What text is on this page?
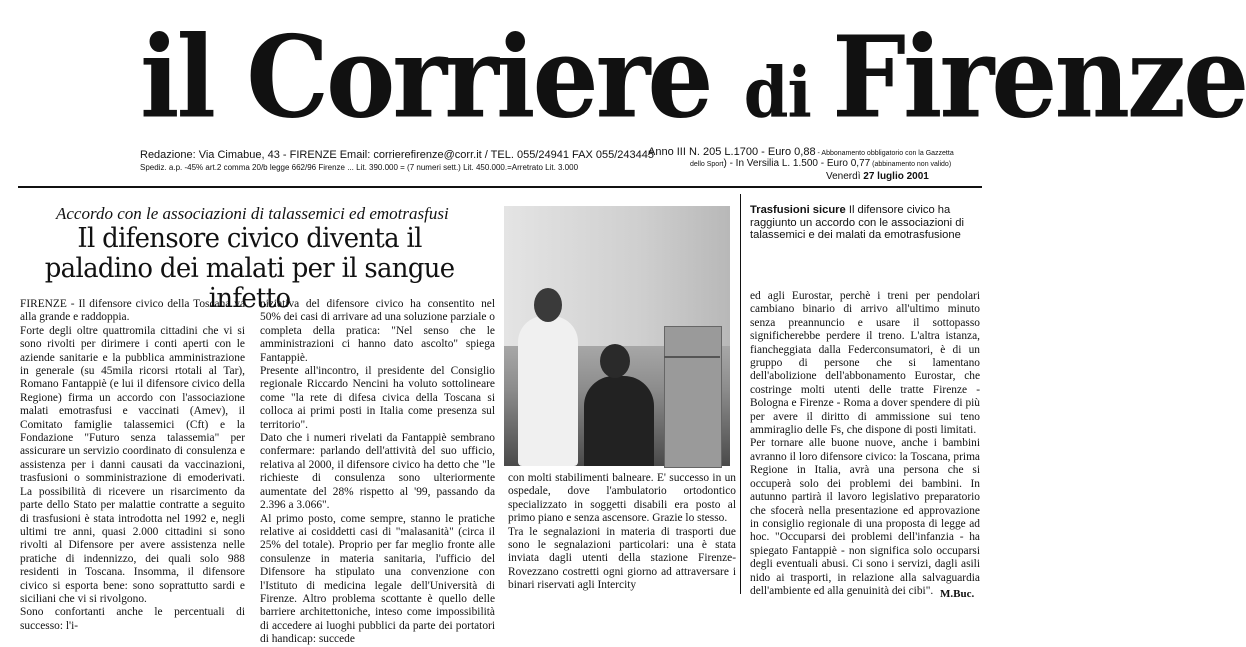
il Corriere di Firenze
Redazione: Via Cimabue, 43 - FIRENZE Email: corrierefirenze@corr.it / TEL. 055/24941 FAX 055/243445
Spediz. a.p. -45% art.2 comma 20/b legge 662/96 Firenze ... Lit. 390.000 = (7 numeri sett.) Lit. 450.000.=Arretrato Lit. 3.000
Anno III N. 205 L.1700 - Euro 0,88 - Abbonamento obbligatorio con la Gazzetta
dello Sport) - In Versilia L. 1.500 - Euro 0,77 (abbinamento non valido)
Venerdì 27 luglio 2001
Accordo con le associazioni di talassemici ed emotrasfusi
Il difensore civico diventa il paladino dei malati per il sangue infetto

FIRENZE - Il difensore civico della Toscana va alla grande e raddoppia.

Forte degli oltre quattromila cittadini che vi si sono rivolti per dirimere i conti aperti con le aziende sanitarie e la pubblica amministrazione in generale (su 45mila ricorsi rtotali al Tar), Romano Fantappiè (e lui il difensore civico della Regione) firma un accordo con l'associazione malati emotrasfusi e vaccinati (Amev), il Comitato famiglie talassemici (Cft) e la Fondazione "Futuro senza talassemia" per assicurare un servizio coordinato di consulenza e assistenza per i danni causati da vaccinazioni, trasfusioni o somministrazione di emoderivati. La possibilità di ricevere un risarcimento da parte dello Stato per malattie contratte a seguito di trasfusioni è stata introdotta nel 1992 e, negli ultimi tre anni, quasi 2.000 cittadini si sono rivolti al Difensore per avere assistenza nelle pratiche di indennizzo, dei quali solo 988 residenti in Toscana. Insomma, il difensore civico si esporta bene: sono soprattutto sardi e siciliani che vi si rivolgono.

Sono confortanti anche le percentuali di successo: l'i-

niziativa del difensore civico ha consentito nel 50% dei casi di arrivare ad una soluzione parziale o completa della pratica: "Nel senso che le amministrazioni ci hanno dato ascolto" spiega Fantappiè.

Presente all'incontro, il presidente del Consiglio regionale Riccardo Nencini ha voluto sottolineare come "la rete di difesa civica della Toscana si colloca ai primi posti in Italia come presenza sul territorio".

Dato che i numeri rivelati da Fantappiè sembrano confermare: parlando dell'attività del suo ufficio, relativa al 2000, il difensore civico ha detto che "le richieste di consulenza sono ulteriormente aumentate del 28% rispetto al '99, passando da 2.396 a 3.066".

Al primo posto, come sempre, stanno le pratiche relative ai cosiddetti casi di "malasanità" (circa il 25% del totale). Proprio per far meglio fronte alle consulenze in materia sanitaria, l'ufficio del Difensore ha stipulato una convenzione con l'Istituto di medicina legale dell'Università di Firenze. Altro problema scottante è quello delle barriere architettoniche, inteso come impossibilità di accedere ai luoghi pubblici da parte dei portatori di handicap: succede

con molti stabilimenti balneare. E' successo in un ospedale, dove l'ambulatorio ortodontico specializzato in soggetti disabili era posto al primo piano e senza ascensore. Grazie lo stesso.

Tra le segnalazioni in materia di trasporti due sono le segnalazioni particolari: una è stata inviata dagli utenti della stazione Firenze-Rovezzano costretti ogni giorno ad attraversare i binari riservati agli Intercity

Trasfusioni sicure Il difensore civico ha raggiunto un accordo con le associazioni di talassemici e dei malati da emotrasfusione

ed agli Eurostar, perchè i treni per pendolari cambiano binario di arrivo all'ultimo minuto senza preannuncio e usare il sottopasso significherebbe perdere il treno. L'altra istanza, fiancheggiata dalla Federconsumatori, è di un gruppo di persone che si lamentano dell'abolizione dell'abbonamento Eurostar, che costringe molti utenti delle tratte Firenze - Bologna e Firenze - Roma a dover spendere di più per avere il diritto di ammissione sui teno ammiraglio delle Fs, che dispone di posti limitati.

Per tornare alle buone nuove, anche i bambini avranno il loro difensore civico: la Toscana, prima Regione in Italia, avrà una persona che si occuperà solo dei problemi dei bambini. In autunno partirà il lavoro legislativo preparatorio che sfocerà nella presentazione ed approvazione in consiglio regionale di una proposta di legge ad hoc. "Occuparsi dei problemi dell'infanzia - ha spiegato Fantappiè - non significa solo occuparsi degli eventuali abusi. Ci sono i servizi, dagli asili nido ai trasporti, in relazione alla salvaguardia dell'ambiente ed alla genuinità dei cibi". M.Buc.
